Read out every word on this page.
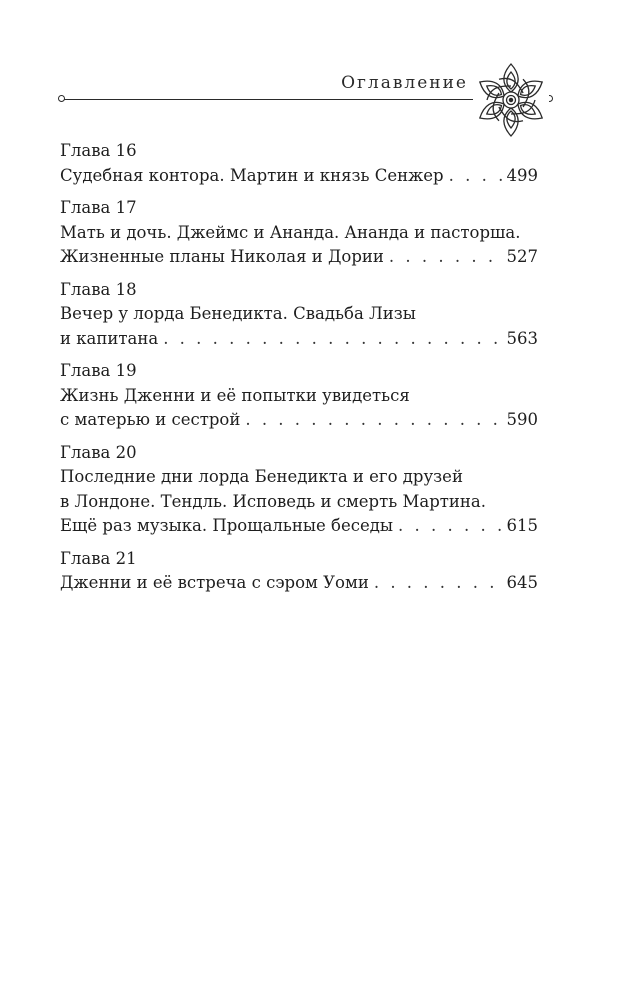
Оглавление
Глава 16
Судебная контора. Мартин и князь Сенжер . . .	499
Глава 17
Мать и дочь. Джеймс и Ананда. Ананда и пасторша.
Жизненные планы Николая и Дории . . .	527
Глава 18
Вечер у лорда Бенедикта. Свадьба Лизы
и капитана . . .	563
Глава 19
Жизнь Дженни и её попытки увидеться
с матерью и сестрой . . .	590
Глава 20
Последние дни лорда Бенедикта и его друзей
в Лондоне. Тендль. Исповедь и смерть Мартина.
Ещё раз музыка. Прощальные беседы . . .	615
Глава 21
Дженни и её встреча с сэром Уоми . . .	645
